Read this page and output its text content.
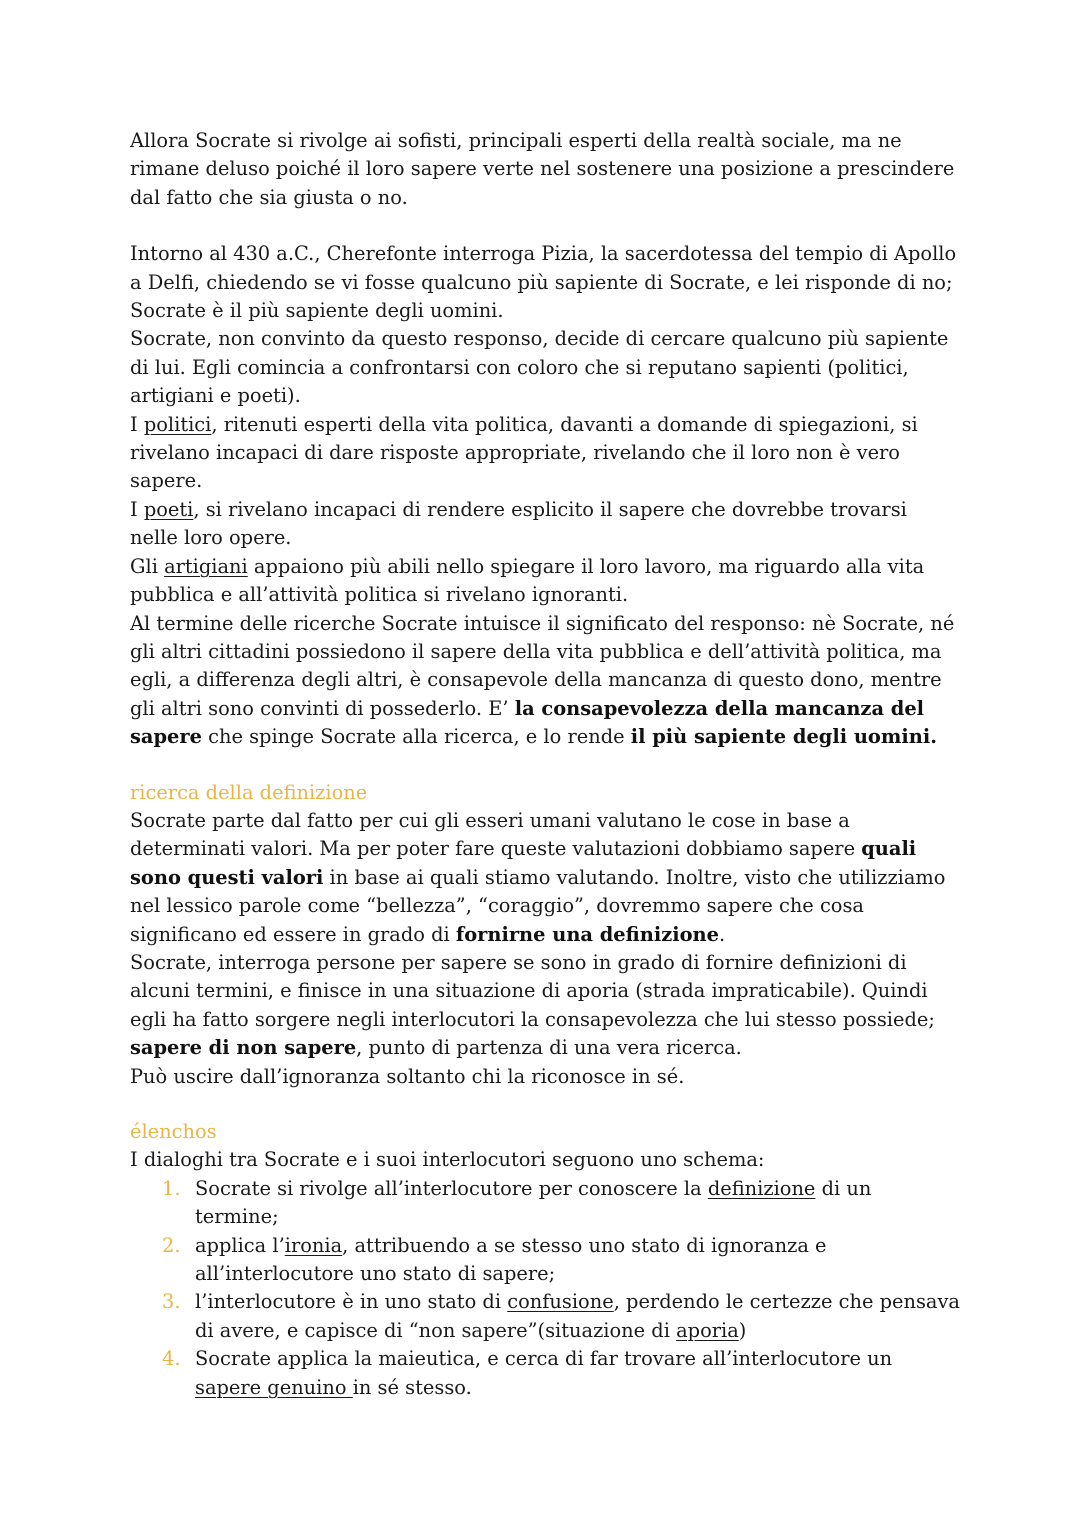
Allora Socrate si rivolge ai sofisti, principali esperti della realtà sociale, ma ne rimane deluso poiché il loro sapere verte nel sostenere una posizione a prescindere dal fatto che sia giusta o no.

Intorno al 430 a.C., Cherefonte interroga Pizia, la sacerdotessa del tempio di Apollo a Delfi, chiedendo se vi fosse qualcuno più sapiente di Socrate, e lei risponde di no;

Socrate è il più sapiente degli uomini.

Socrate, non convinto da questo responso, decide di cercare qualcuno più sapiente di lui. Egli comincia a confrontarsi con coloro che si reputano sapienti (politici, artigiani e poeti).

I politici, ritenuti esperti della vita politica, davanti a domande di spiegazioni, si rivelano incapaci di dare risposte appropriate, rivelando che il loro non è vero sapere.

I poeti, si rivelano incapaci di rendere esplicito il sapere che dovrebbe trovarsi nelle loro opere.

Gli artigiani appaiono più abili nello spiegare il loro lavoro, ma riguardo alla vita pubblica e all’attività politica si rivelano ignoranti.

Al termine delle ricerche Socrate intuisce il significato del responso: nè Socrate, né gli altri cittadini possiedono il sapere della vita pubblica e dell’attività politica, ma egli, a differenza degli altri, è consapevole della mancanza di questo dono, mentre gli altri sono convinti di possederlo. E’ la consapevolezza della mancanza del sapere che spinge Socrate alla ricerca, e lo rende il più sapiente degli uomini.

ricerca della definizione

Socrate parte dal fatto per cui gli esseri umani valutano le cose in base a determinati valori. Ma per poter fare queste valutazioni dobbiamo sapere quali sono questi valori in base ai quali stiamo valutando. Inoltre, visto che utilizziamo nel lessico parole come “bellezza”, “coraggio”, dovremmo sapere che cosa significano ed essere in grado di fornirne una definizione.

Socrate, interroga persone per sapere se sono in grado di fornire definizioni di alcuni termini, e finisce in una situazione di aporia (strada impraticabile). Quindi egli ha fatto sorgere negli interlocutori la consapevolezza che lui stesso possiede; sapere di non sapere, punto di partenza di una vera ricerca.

Può uscire dall’ignoranza soltanto chi la riconosce in sé.

élenchos

I dialoghi tra Socrate e i suoi interlocutori seguono uno schema:

1. Socrate si rivolge all’interlocutore per conoscere la definizione di un termine;
2. applica l’ironia, attribuendo a se stesso uno stato di ignoranza e all’interlocutore uno stato di sapere;
3. l’interlocutore è in uno stato di confusione, perdendo le certezze che pensava di avere, e capisce di “non sapere”(situazione di aporia)
4. Socrate applica la maieutica, e cerca di far trovare all’interlocutore un sapere genuino in sé stesso.
